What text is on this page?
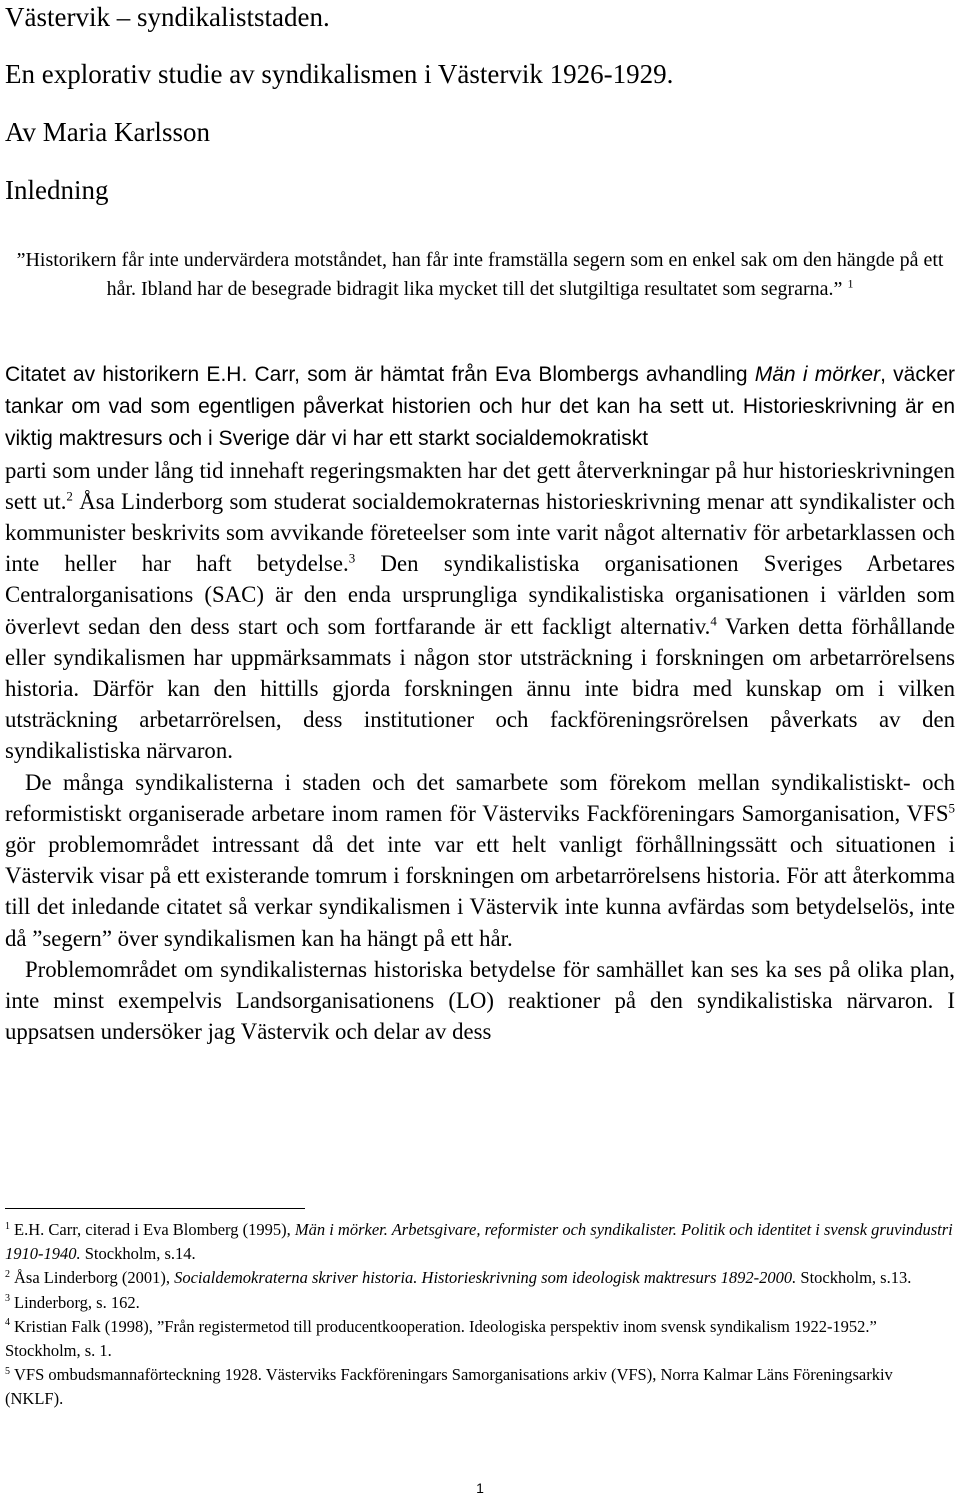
Västervik – syndikaliststaden.
En explorativ studie av syndikalismen i Västervik 1926-1929.
Av Maria Karlsson
Inledning
”Historikern får inte undervärdera motståndet, han får inte framställa segern som en enkel sak om den hängde på ett hår. Ibland har de besegrade bidragit lika mycket till det slutgiltiga resultatet som segrarna.” $^1$

Citatet av historikern E.H. Carr, som är hämtat från Eva Blombergs avhandling Män i mörker, väcker tankar om vad som egentligen påverkat historien och hur det kan ha sett ut. Historieskrivning är en viktig maktresurs och i Sverige där vi har ett starkt socialdemokratiskt

parti som under lång tid innehaft regeringsmakten har det gett återverkningar på hur historieskrivningen sett ut.$^2$ Åsa Linderborg som studerat socialdemokraternas historieskrivning menar att syndikalister och kommunister beskrivits som avvikande företeelser som inte varit något alternativ för arbetarklassen och inte heller har haft betydelse.$^3$ Den syndikalistiska organisationen Sveriges Arbetares Centralorganisations (SAC) är den enda ursprungliga syndikalistiska organisationen i världen som överlevt sedan den dess start och som fortfarande är ett fackligt alternativ.$^4$ Varken detta förhållande eller syndikalismen har uppmärksammats i någon stor utsträckning i forskningen om arbetarrörelsens historia. Därför kan den hittills gjorda forskningen ännu inte bidra med kunskap om i vilken utsträckning arbetarrörelsen, dess institutioner och fackföreningsrörelsen påverkats av den syndikalistiska närvaron.

De många syndikalisterna i staden och det samarbete som förekom mellan syndikalistiskt- och reformistiskt organiserade arbetare inom ramen för Västerviks Fackföreningars Samorganisation, VFS$^5$ gör problemområdet intressant då det inte var ett helt vanligt förhållningssätt och situationen i Västervik visar på ett existerande tomrum i forskningen om arbetarrörelsens historia. För att återkomma till det inledande citatet så verkar syndikalismen i Västervik inte kunna avfärdas som betydelselös, inte då ”segern” över syndikalismen kan ha hängt på ett hår.

Problemområdet om syndikalisternas historiska betydelse för samhället kan ses ka ses på olika plan, inte minst exempelvis Landsorganisationens (LO) reaktioner på den syndikalistiska närvaron. I uppsatsen undersöker jag Västervik och delar av dess

$^1$ E.H. Carr, citerad i Eva Blomberg (1995), Män i mörker. Arbetsgivare, reformister och syndikalister. Politik och identitet i svensk gruvindustri 1910-1940. Stockholm, s.14.

$^2$ Åsa Linderborg (2001), Socialdemokraterna skriver historia. Historieskrivning som ideologisk maktresurs 1892-2000. Stockholm, s.13.

$^3$ Linderborg, s. 162.

$^4$ Kristian Falk (1998), ”Från registermetod till producentkooperation. Ideologiska perspektiv inom svensk syndikalism 1922-1952.” Stockholm, s. 1.

$^5$ VFS ombudsmannaförteckning 1928. Västerviks Fackföreningars Samorganisations arkiv (VFS), Norra Kalmar Läns Föreningsarkiv (NKLF).

1
